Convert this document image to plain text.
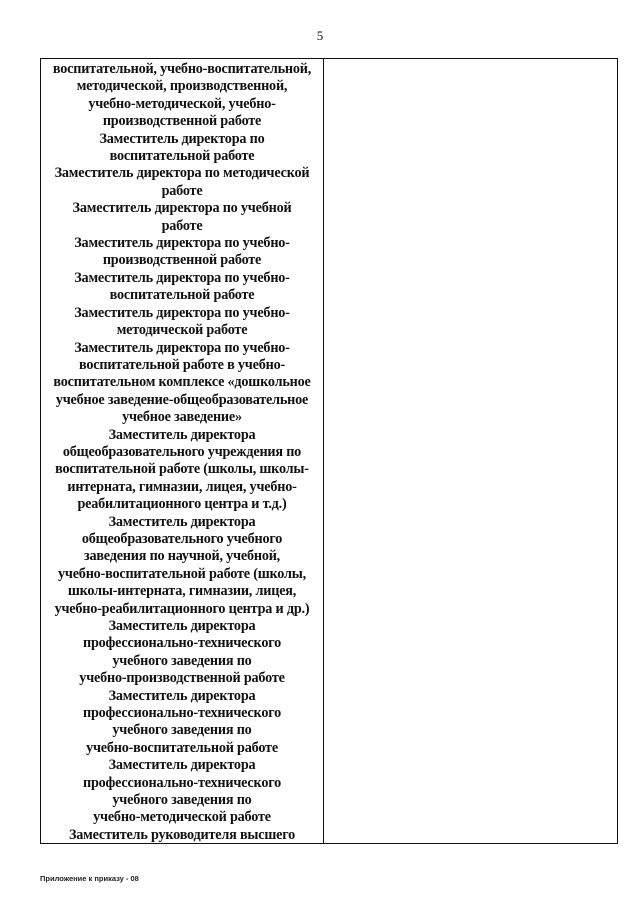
5
воспитательной, учебно-воспитательной,
методической, производственной,
учебно-методической, учебно-
производственной работе
Заместитель директора по
воспитательной работе
Заместитель директора по методической
работе
Заместитель директора по учебной
работе
Заместитель директора по учебно-
производственной работе
Заместитель директора по учебно-
воспитательной работе
Заместитель директора по учебно-
методической работе
Заместитель директора по учебно-
воспитательной работе в учебно-
воспитательном комплексе «дошкольное
учебное заведение-общеобразовательное
учебное заведение»
Заместитель директора
общеобразовательного учреждения по
воспитательной работе (школы, школы-
интерната, гимназии, лицея, учебно-
реабилитационного центра и т.д.)
Заместитель директора
общеобразовательного учебного
заведения по научной, учебной,
учебно-воспитательной работе (школы,
школы-интерната, гимназии, лицея,
учебно-реабилитационного центра и др.)
Заместитель директора
профессионально-технического
учебного заведения по
учебно-производственной работе
Заместитель директора
профессионально-технического
учебного заведения по
учебно-воспитательной работе
Заместитель директора
профессионально-технического
учебного заведения по
учебно-методической работе
Заместитель руководителя высшего
Приложение к приказу - 08
